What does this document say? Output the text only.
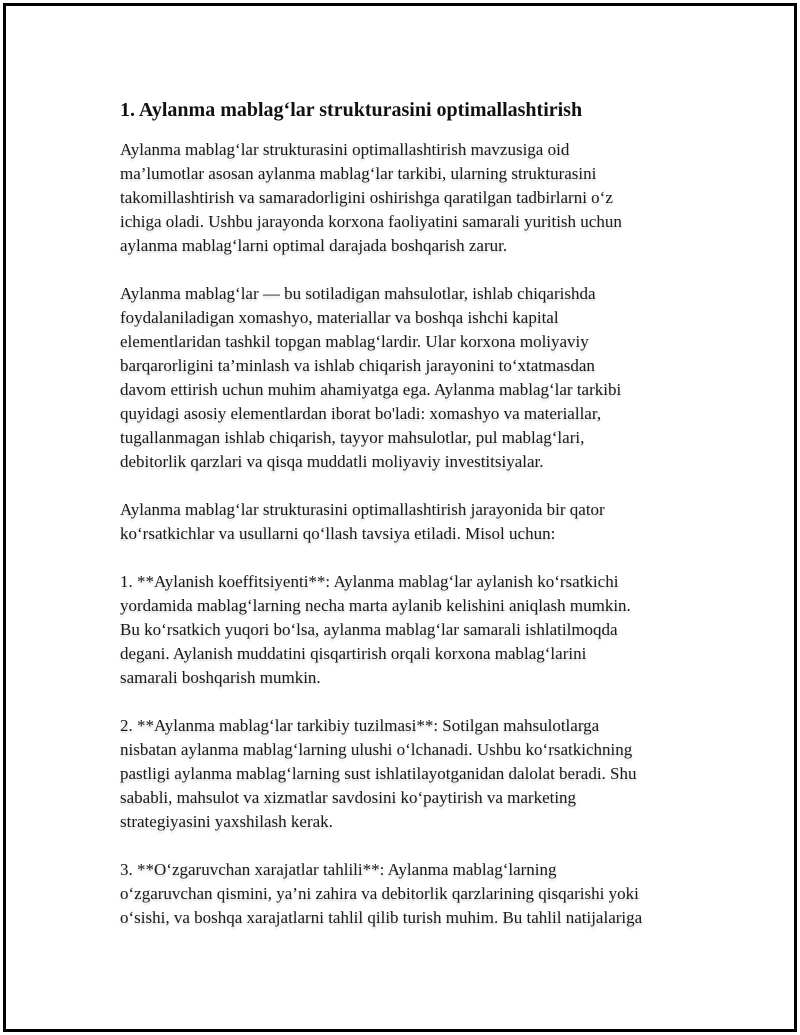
1. Aylanma mablag‘lar strukturasini optimallashtirish

Aylanma mablag‘lar strukturasini optimallashtirish mavzusiga oid
ma’lumotlar asosan aylanma mablag‘lar tarkibi, ularning strukturasini
takomillashtirish va samaradorligini oshirishga qaratilgan tadbirlarni o‘z
ichiga oladi. Ushbu jarayonda korxona faoliyatini samarali yuritish uchun
aylanma mablag‘larni optimal darajada boshqarish zarur.

Aylanma mablag‘lar — bu sotiladigan mahsulotlar, ishlab chiqarishda
foydalaniladigan xomashyo, materiallar va boshqa ishchi kapital
elementlaridan tashkil topgan mablag‘lardir. Ular korxona moliyaviy
barqarorligini ta’minlash va ishlab chiqarish jarayonini to‘xtatmasdan
davom ettirish uchun muhim ahamiyatga ega. Aylanma mablag‘lar tarkibi
quyidagi asosiy elementlardan iborat bo'ladi: xomashyo va materiallar,
tugallanmagan ishlab chiqarish, tayyor mahsulotlar, pul mablag‘lari,
debitorlik qarzlari va qisqa muddatli moliyaviy investitsiyalar.

Aylanma mablag‘lar strukturasini optimallashtirish jarayonida bir qator
ko‘rsatkichlar va usullarni qo‘llash tavsiya etiladi. Misol uchun:

1. **Aylanish koeffitsiyenti**: Aylanma mablag‘lar aylanish ko‘rsatkichi
yordamida mablag‘larning necha marta aylanib kelishini aniqlash mumkin.
Bu ko‘rsatkich yuqori bo‘lsa, aylanma mablag‘lar samarali ishlatilmoqda
degani. Aylanish muddatini qisqartirish orqali korxona mablag‘larini
samarali boshqarish mumkin.

2. **Aylanma mablag‘lar tarkibiy tuzilmasi**: Sotilgan mahsulotlarga
nisbatan aylanma mablag‘larning ulushi o‘lchanadi. Ushbu ko‘rsatkichning
pastligi aylanma mablag‘larning sust ishlatilayotganidan dalolat beradi. Shu
sababli, mahsulot va xizmatlar savdosini ko‘paytirish va marketing
strategiyasini yaxshilash kerak.

3. **O‘zgaruvchan xarajatlar tahlili**: Aylanma mablag‘larning
o‘zgaruvchan qismini, ya’ni zahira va debitorlik qarzlarining qisqarishi yoki
o‘sishi, va boshqa xarajatlarni tahlil qilib turish muhim. Bu tahlil natijalariga
